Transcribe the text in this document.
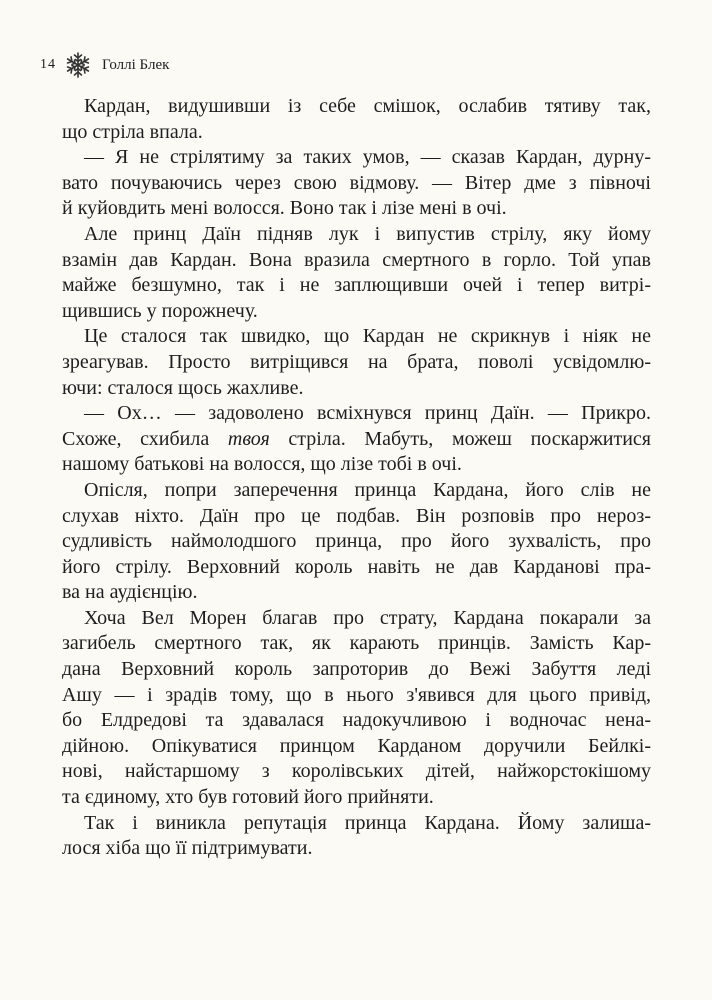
14	Голлі Блек
Кардан, видушивши із себе смішок, ослабив тятиву так,
що стріла впала.
— Я не стрілятиму за таких умов, — сказав Кардан, дурну-
вато почуваючись через свою відмову. — Вітер дме з півночі
й куйовдить мені волосся. Воно так і лізе мені в очі.
Але принц Даїн підняв лук і випустив стрілу, яку йому
взамін дав Кардан. Вона вразила смертного в горло. Той упав
майже безшумно, так і не заплющивши очей і тепер витрі-
щившись у порожнечу.
Це сталося так швидко, що Кардан не скрикнув і ніяк не
зреагував. Просто витріщився на брата, поволі усвідомлю-
ючи: сталося щось жахливе.
— Ох… — задоволено всміхнувся принц Даїн. — Прикро.
Схоже, схибила твоя стріла. Мабуть, можеш поскаржитися
нашому батькові на волосся, що лізе тобі в очі.
Опісля, попри заперечення принца Кардана, його слів не
слухав ніхто. Даїн про це подбав. Він розповів про нероз-
судливість наймолодшого принца, про його зухвалість, про
його стрілу. Верховний король навіть не дав Карданові пра-
ва на аудієнцію.
Хоча Вел Морен благав про страту, Кардана покарали за
загибель смертного так, як карають принців. Замість Кар-
дана Верховний король запроторив до Вежі Забуття леді
Ашу — і зрадів тому, що в нього з'явився для цього привід,
бо Елдредові та здавалася надокучливою і водночас нена-
дійною. Опікуватися принцом Карданом доручили Бейлкі-
нові, найстаршому з королівських дітей, найжорстокішому
та єдиному, хто був готовий його прийняти.
Так і виникла репутація принца Кардана. Йому залиша-
лося хіба що її підтримувати.
